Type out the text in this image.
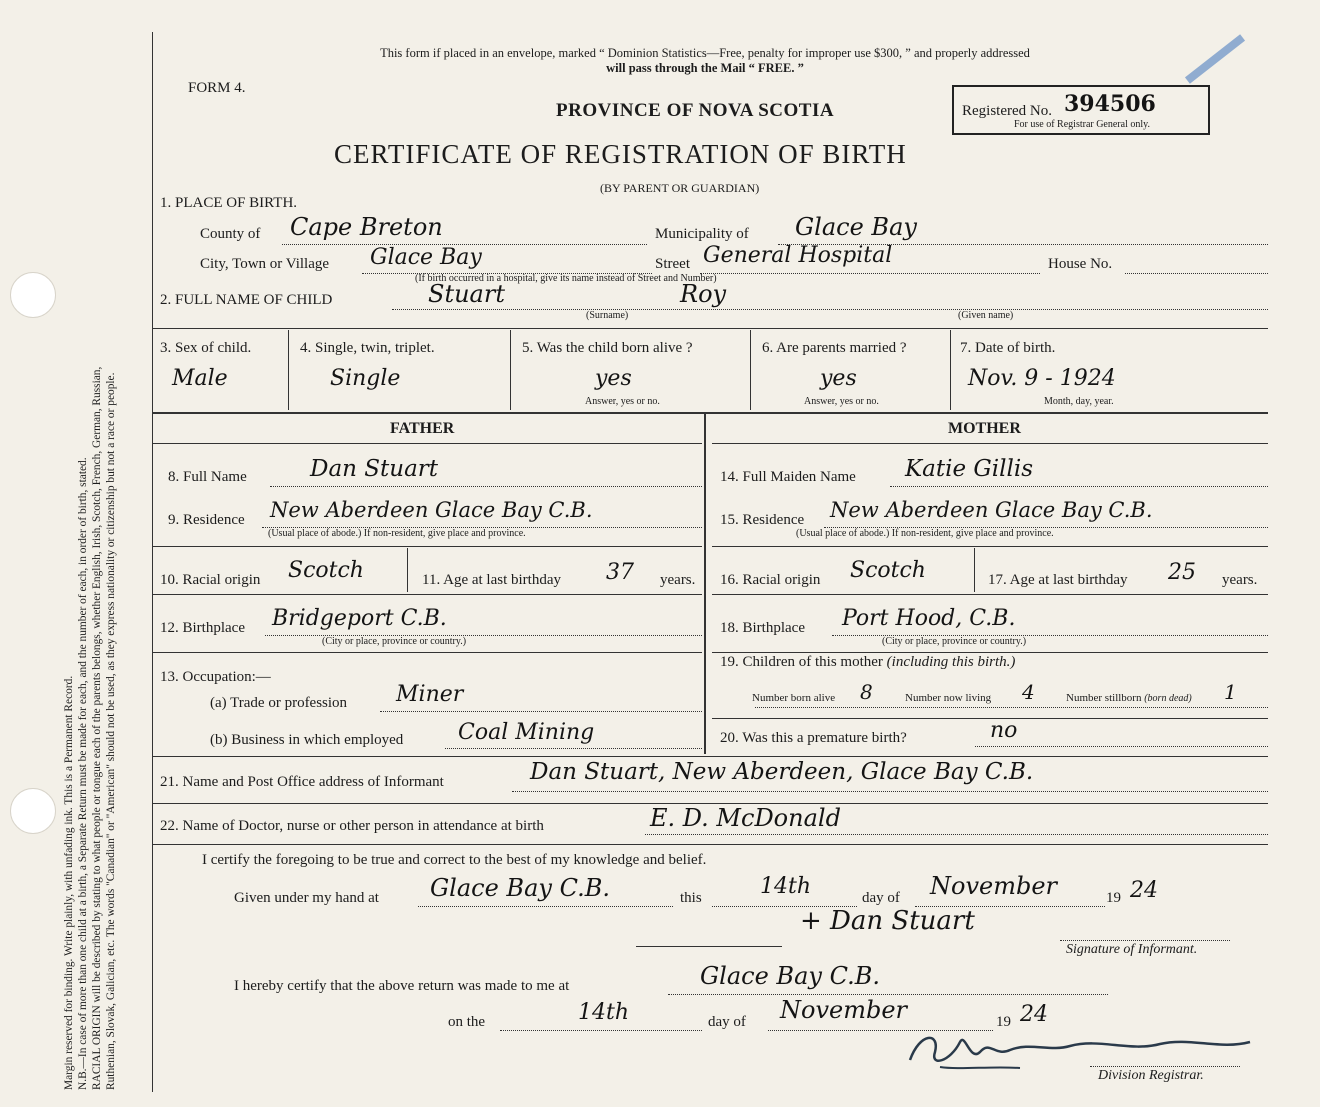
Margin reserved for binding. Write plainly, with unfading ink. This is a Permanent Record. N.B.—In case of more than one child at a birth, a Separate Return must be made for each, and the number of each, in order of birth, stated. RACIAL ORIGIN will be described by stating to what people or tongue each of the parents belongs, whether English, Irish, Scotch, French, German, Russian, Ruthenian, Slovak, Galician, etc. The words "Canadian" or "American" should not be used, as they express nationality or citizenship but not a race or people.
This form if placed in an envelope, marked “ Dominion Statistics—Free, penalty for improper use $300, ” and properly addressed
will pass through the Mail “ FREE. ”
FORM 4.
PROVINCE OF NOVA SCOTIA
CERTIFICATE OF REGISTRATION OF BIRTH
(BY PARENT OR GUARDIAN)
Registered No. 394506
For use of Registrar General only.
1. PLACE OF BIRTH.
County of Cape Breton	Municipality of Glace Bay
City, Town or Village Glace Bay	Street General Hospital	House No.
(If birth occurred in a hospital, give its name instead of Street and Number)
2. FULL NAME OF CHILD	Stuart	Roy
(Surname)	(Given name)
3. Sex of child.
Male
4. Single, twin, triplet.
Single
5. Was the child born alive ?
yes
Answer, yes or no.
6. Are parents married ?
yes
Answer, yes or no.
7. Date of birth.
Nov. 9 - 1924
Month, day, year.
FATHER	MOTHER
8. Full Name	Dan Stuart
9. Residence New Aberdeen Glace Bay C.B.
(Usual place of abode.) If non-resident, give place and province.
10. Racial origin Scotch	11. Age at last birthday 37 years.
12. Birthplace Bridgeport C.B.
(City or place, province or country.)
13. Occupation:—
(a) Trade or profession Miner
(b) Business in which employed Coal Mining
14. Full Maiden Name Katie Gillis
15. Residence New Aberdeen Glace Bay C.B.
(Usual place of abode.) If non-resident, give place and province.
16. Racial origin Scotch	17. Age at last birthday 25 years.
18. Birthplace Port Hood, C.B.
(City or place, province or country.)
19. Children of this mother (including this birth.)
Number born alive 8	Number now living 4	Number stillborn (born dead) 1
20. Was this a premature birth?	no
21. Name and Post Office address of Informant	Dan Stuart, New Aberdeen, Glace Bay C.B.
22. Name of Doctor, nurse or other person in attendance at birth	E. D. McDonald
I certify the foregoing to be true and correct to the best of my knowledge and belief.
Given under my hand at Glace Bay C.B.	this	14th	day of November	19 24
+ Dan Stuart
Signature of Informant.
I hereby certify that the above return was made to me at	Glace Bay C.B.
on the	14th	day of November	19 24
Division Registrar.
